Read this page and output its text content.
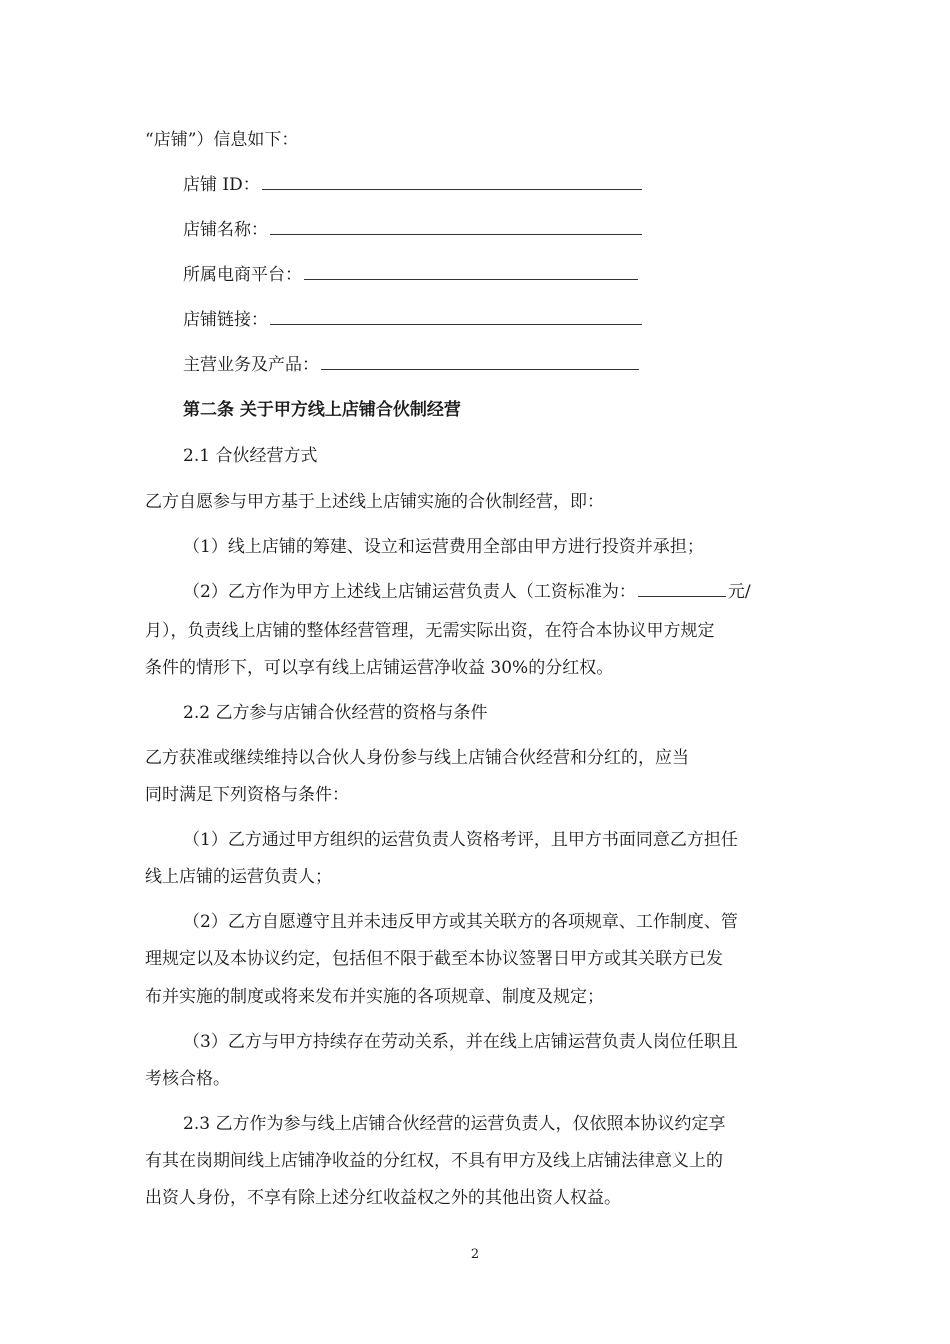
“店铺”）信息如下：
店铺 ID：
店铺名称：
所属电商平台：
店铺链接：
主营业务及产品：
第二条 关于甲方线上店铺合伙制经营
2.1 合伙经营方式
乙方自愿参与甲方基于上述线上店铺实施的合伙制经营，即：
（1）线上店铺的筹建、设立和运营费用全部由甲方进行投资并承担；
（2）乙方作为甲方上述线上店铺运营负责人（工资标准为：	元/
月），负责线上店铺的整体经营管理，无需实际出资，在符合本协议甲方规定
条件的情形下，可以享有线上店铺运营净收益 30%的分红权。
2.2 乙方参与店铺合伙经营的资格与条件
乙方获准或继续维持以合伙人身份参与线上店铺合伙经营和分红的，应当
同时满足下列资格与条件：
（1）乙方通过甲方组织的运营负责人资格考评，且甲方书面同意乙方担任
线上店铺的运营负责人；
（2）乙方自愿遵守且并未违反甲方或其关联方的各项规章、工作制度、管
理规定以及本协议约定，包括但不限于截至本协议签署日甲方或其关联方已发
布并实施的制度或将来发布并实施的各项规章、制度及规定；
（3）乙方与甲方持续存在劳动关系，并在线上店铺运营负责人岗位任职且
考核合格。
2.3 乙方作为参与线上店铺合伙经营的运营负责人，仅依照本协议约定享
有其在岗期间线上店铺净收益的分红权，不具有甲方及线上店铺法律意义上的
出资人身份，不享有除上述分红收益权之外的其他出资人权益。
2
